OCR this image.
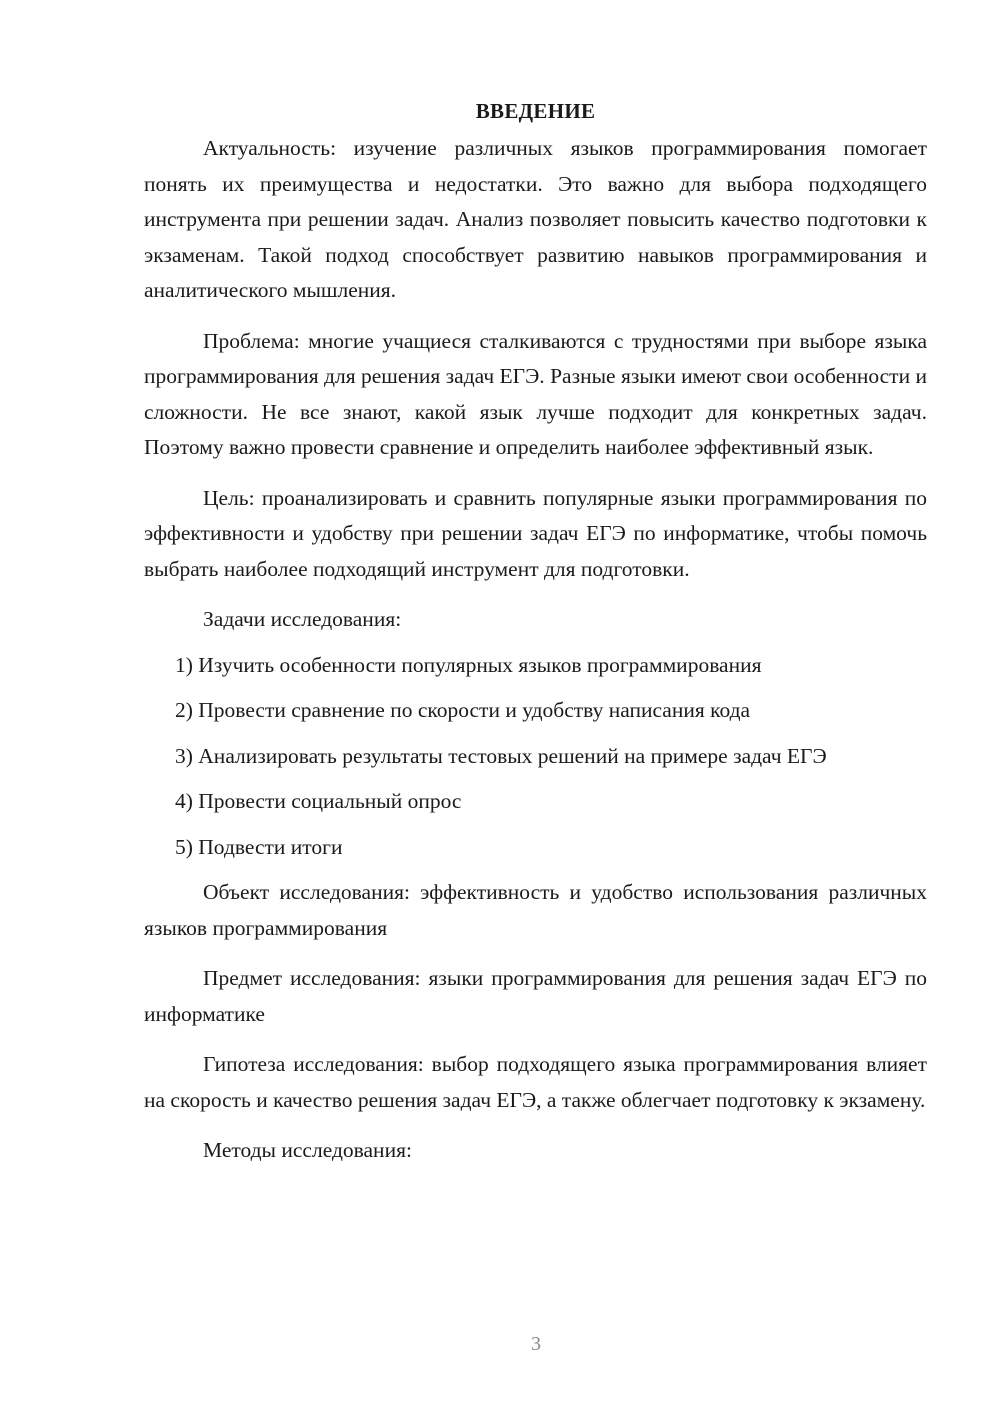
ВВЕДЕНИЕ

Актуальность: изучение различных языков программирования помогает понять их преимущества и недостатки. Это важно для выбора подходящего инструмента при решении задач. Анализ позволяет повысить качество подготовки к экзаменам. Такой подход способствует развитию навыков программирования и аналитического мышления.

Проблема: многие учащиеся сталкиваются с трудностями при выборе языка программирования для решения задач ЕГЭ. Разные языки имеют свои особенности и сложности. Не все знают, какой язык лучше подходит для конкретных задач. Поэтому важно провести сравнение и определить наиболее эффективный язык.

Цель: проанализировать и сравнить популярные языки программирования по эффективности и удобству при решении задач ЕГЭ по информатике, чтобы помочь выбрать наиболее подходящий инструмент для подготовки.

Задачи исследования:

1) Изучить особенности популярных языков программирования

2) Провести сравнение по скорости и удобству написания кода

3) Анализировать результаты тестовых решений на примере задач ЕГЭ

4) Провести социальный опрос

5) Подвести итоги

Объект исследования: эффективность и удобство использования различных языков программирования

Предмет исследования: языки программирования для решения задач ЕГЭ по информатике

Гипотеза исследования: выбор подходящего языка программирования влияет на скорость и качество решения задач ЕГЭ, а также облегчает подготовку к экзамену.

Методы исследования:

3
